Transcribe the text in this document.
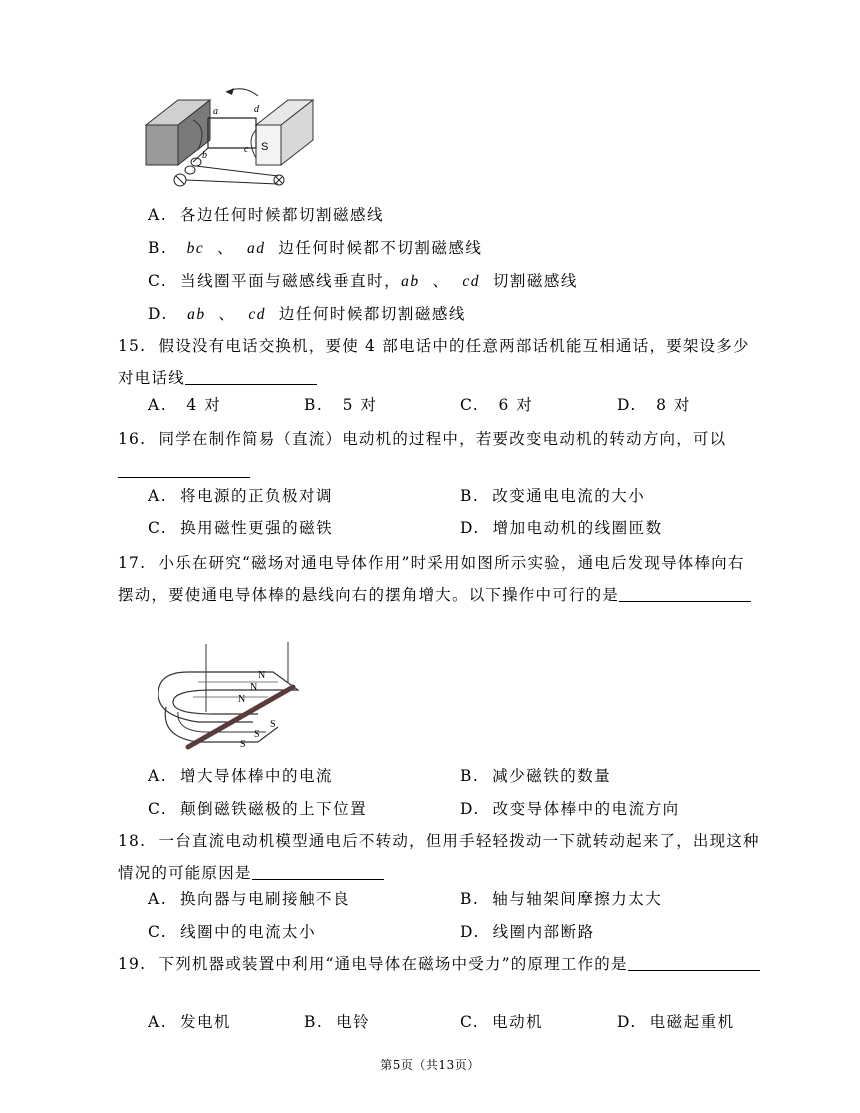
a	d
b
c S
A. 各边任何时候都切割磁感线
B. bc 、 ad 边任何时候都不切割磁感线
C. 当线圈平面与磁感线垂直时，ab 、 cd 切割磁感线
D. ab 、 cd 边任何时候都切割磁感线
15. 假设没有电话交换机，要使 4 部电话中的任意两部话机能互相通话，要架设多少对电话线
A. 4 对	B. 5 对	C. 6 对	D. 8 对
16. 同学在制作简易（直流）电动机的过程中，若要改变电动机的转动方向，可以
A. 将电源的正负极对调	B. 改变通电电流的大小
C. 换用磁性更强的磁铁	D. 增加电动机的线圈匝数
17. 小乐在研究“磁场对通电导体作用”时采用如图所示实验，通电后发现导体棒向右摆动，要使通电导体棒的悬线向右的摆角增大。以下操作中可行的是
N
N
N
S
S
S
A. 增大导体棒中的电流	B. 减少磁铁的数量
C. 颠倒磁铁磁极的上下位置	D. 改变导体棒中的电流方向
18. 一台直流电动机模型通电后不转动，但用手轻轻拨动一下就转动起来了，出现这种情况的可能原因是
A. 换向器与电刷接触不良	B. 轴与轴架间摩擦力太大
C. 线圈中的电流太小	D. 线圈内部断路
19. 下列机器或装置中利用“通电导体在磁场中受力”的原理工作的是
A. 发电机	B. 电铃	C. 电动机	D. 电磁起重机
第5页（共13页）
